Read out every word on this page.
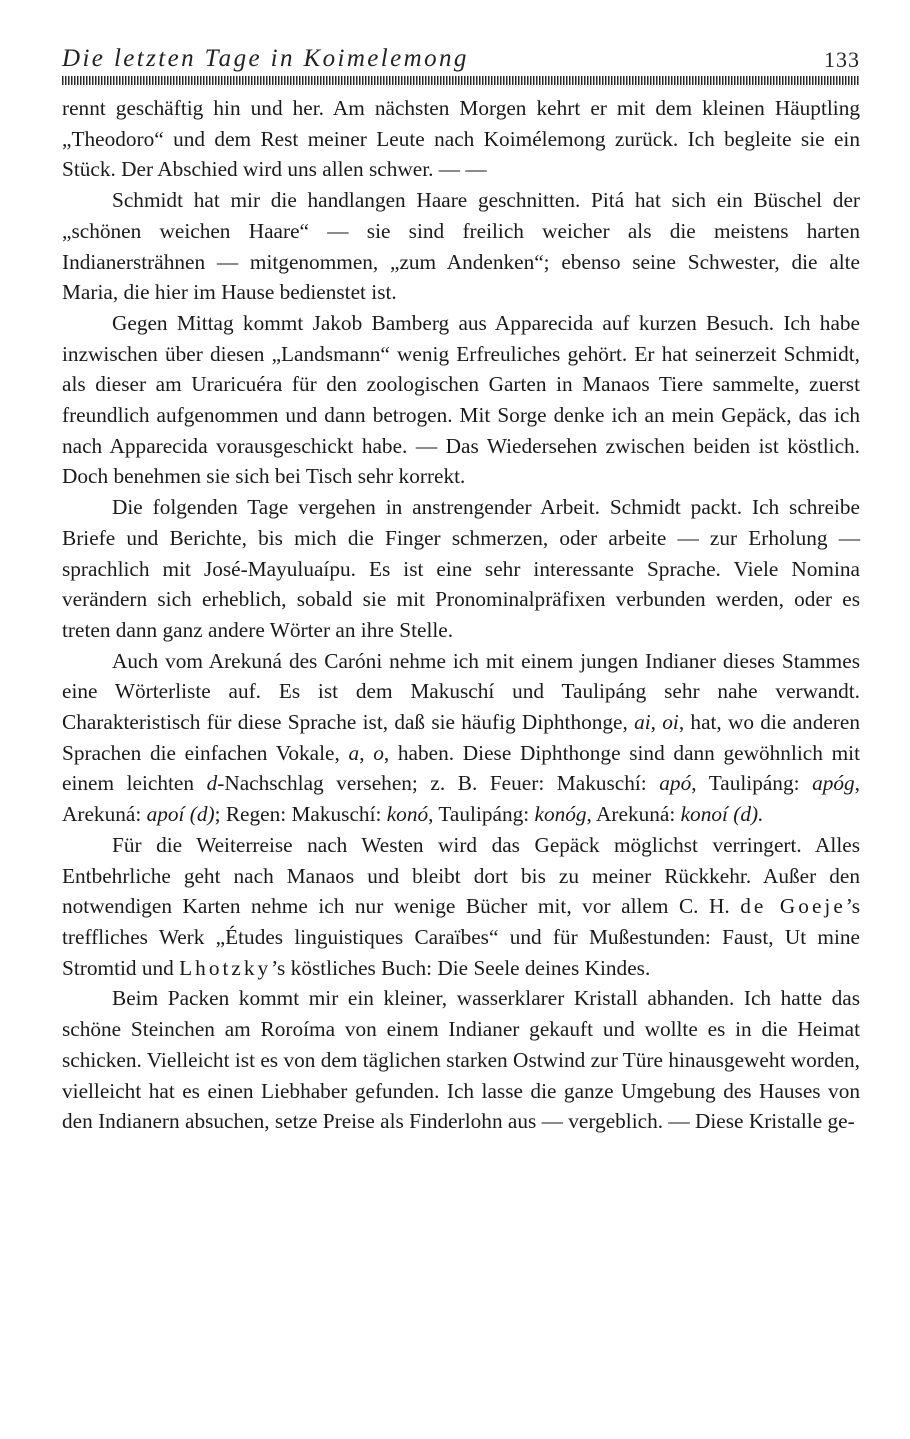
Die letzten Tage in Koimelemong	133

rennt geschäftig hin und her. Am nächsten Morgen kehrt er mit dem kleinen Häuptling „Theodoro“ und dem Rest meiner Leute nach Koimélemong zurück. Ich begleite sie ein Stück. Der Abschied wird uns allen schwer. — —

Schmidt hat mir die handlangen Haare geschnitten. Pitá hat sich ein Büschel der „schönen weichen Haare“ — sie sind freilich weicher als die meistens harten Indianersträhnen — mitgenommen, „zum Andenken“; ebenso seine Schwester, die alte Maria, die hier im Hause bedienstet ist.

Gegen Mittag kommt Jakob Bamberg aus Apparecida auf kurzen Besuch. Ich habe inzwischen über diesen „Landsmann“ wenig Erfreuliches gehört. Er hat seinerzeit Schmidt, als dieser am Uraricuéra für den zoologischen Garten in Manaos Tiere sammelte, zuerst freundlich aufgenommen und dann betrogen. Mit Sorge denke ich an mein Gepäck, das ich nach Apparecida vorausgeschickt habe. — Das Wiedersehen zwischen beiden ist köstlich. Doch benehmen sie sich bei Tisch sehr korrekt.

Die folgenden Tage vergehen in anstrengender Arbeit. Schmidt packt. Ich schreibe Briefe und Berichte, bis mich die Finger schmerzen, oder arbeite — zur Erholung — sprachlich mit José-Mayuluaípu. Es ist eine sehr interessante Sprache. Viele Nomina verändern sich erheblich, sobald sie mit Pronominalpräfixen verbunden werden, oder es treten dann ganz andere Wörter an ihre Stelle.

Auch vom Arekuná des Caróni nehme ich mit einem jungen Indianer dieses Stammes eine Wörterliste auf. Es ist dem Makuschí und Taulipáng sehr nahe verwandt. Charakteristisch für diese Sprache ist, daß sie häufig Diphthonge, ai, oi, hat, wo die anderen Sprachen die einfachen Vokale, a, o, haben. Diese Diphthonge sind dann gewöhnlich mit einem leichten d-Nachschlag versehen; z. B. Feuer: Makuschí: apó, Taulipáng: apóg, Arekuná: apoí (d); Regen: Makuschí: konó, Taulipáng: konóg, Arekuná: konoí (d).

Für die Weiterreise nach Westen wird das Gepäck möglichst verringert. Alles Entbehrliche geht nach Manaos und bleibt dort bis zu meiner Rückkehr. Außer den notwendigen Karten nehme ich nur wenige Bücher mit, vor allem C. H. de Goeje’s treffliches Werk „Études linguistiques Caraïbes“ und für Mußestunden: Faust, Ut mine Stromtid und Lhotzky’s köstliches Buch: Die Seele deines Kindes.

Beim Packen kommt mir ein kleiner, wasserklarer Kristall abhanden. Ich hatte das schöne Steinchen am Roroíma von einem Indianer gekauft und wollte es in die Heimat schicken. Vielleicht ist es von dem täglichen starken Ostwind zur Türe hinausgeweht worden, vielleicht hat es einen Liebhaber gefunden. Ich lasse die ganze Umgebung des Hauses von den Indianern absuchen, setze Preise als Finderlohn aus — vergeblich. — Diese Kristalle ge-
